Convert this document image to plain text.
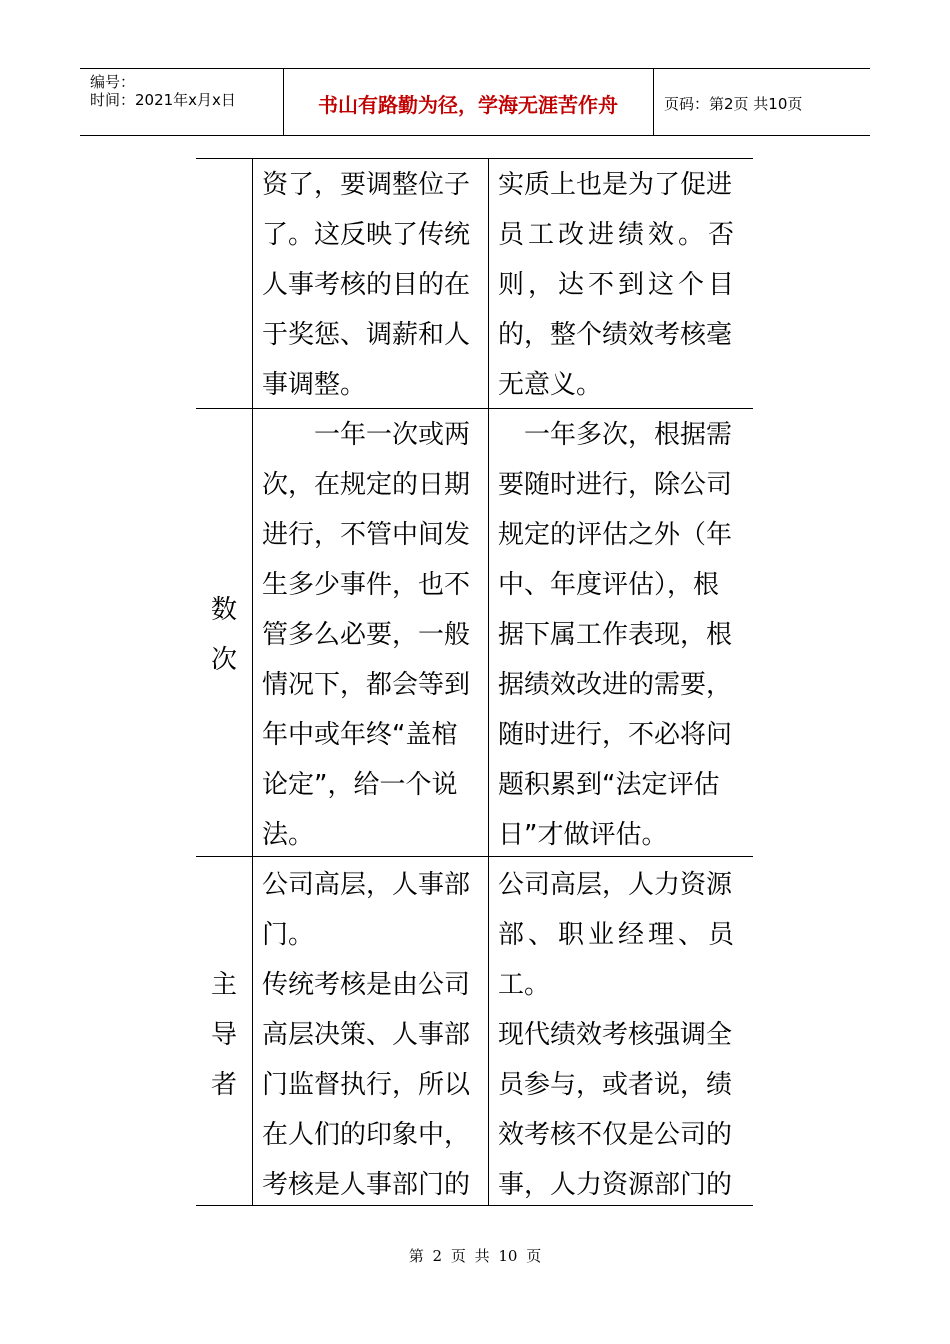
编号：
时间：2021年x月x日	书山有路勤为径，学海无涯苦作舟	页码：第2页 共10页
资了，要调整位子
了。这反映了传统
人事考核的目的在
于奖惩、调薪和人
事调整。
实质上也是为了促进
员工改进绩效。否
则，达不到这个目
的，整个绩效考核毫
无意义。
数
次
　　一年一次或两
次，在规定的日期
进行，不管中间发
生多少事件，也不
管多么必要，一般
情况下，都会等到
年中或年终“盖棺
论定”，给一个说
法。
　一年多次，根据需
要随时进行，除公司
规定的评估之外（年
中、年度评估），根
据下属工作表现，根
据绩效改进的需要，
随时进行，不必将问
题积累到“法定评估
日”才做评估。
主
导
者
公司高层，人事部
门。
传统考核是由公司
高层决策、人事部
门监督执行，所以
在人们的印象中，
考核是人事部门的
公司高层，人力资源
部、职业经理、员
工。
现代绩效考核强调全
员参与，或者说，绩
效考核不仅是公司的
事，人力资源部门的
第 2 页 共 10 页
